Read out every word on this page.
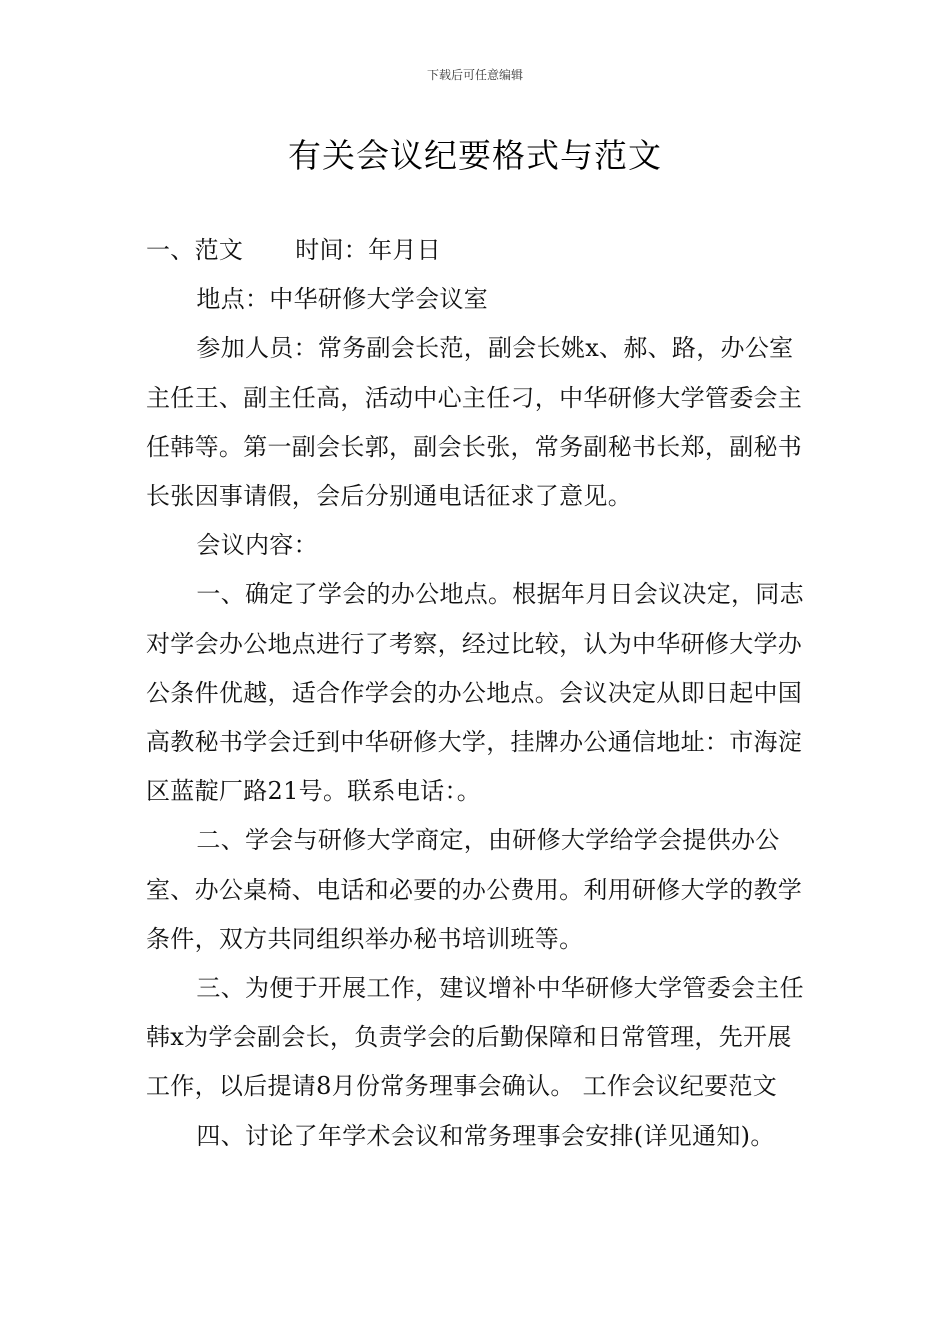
下载后可任意编辑
有关会议纪要格式与范文

一、范文 时间：年月日

地点：中华研修大学会议室

参加人员：常务副会长范，副会长姚x、郝、路，办公室主任王、副主任高，活动中心主任刁，中华研修大学管委会主任韩等。第一副会长郭，副会长张，常务副秘书长郑，副秘书长张因事请假，会后分别通电话征求了意见。

会议内容：

一、确定了学会的办公地点。根据年月日会议决定，同志对学会办公地点进行了考察，经过比较，认为中华研修大学办公条件优越，适合作学会的办公地点。会议决定从即日起中国高教秘书学会迁到中华研修大学，挂牌办公通信地址：市海淀区蓝靛厂路21号。联系电话：。

二、学会与研修大学商定，由研修大学给学会提供办公室、办公桌椅、电话和必要的办公费用。利用研修大学的教学条件，双方共同组织举办秘书培训班等。

三、为便于开展工作，建议增补中华研修大学管委会主任韩x为学会副会长，负责学会的后勤保障和日常管理，先开展工作，以后提请8月份常务理事会确认。 工作会议纪要范文

四、讨论了年学术会议和常务理事会安排(详见通知)。
